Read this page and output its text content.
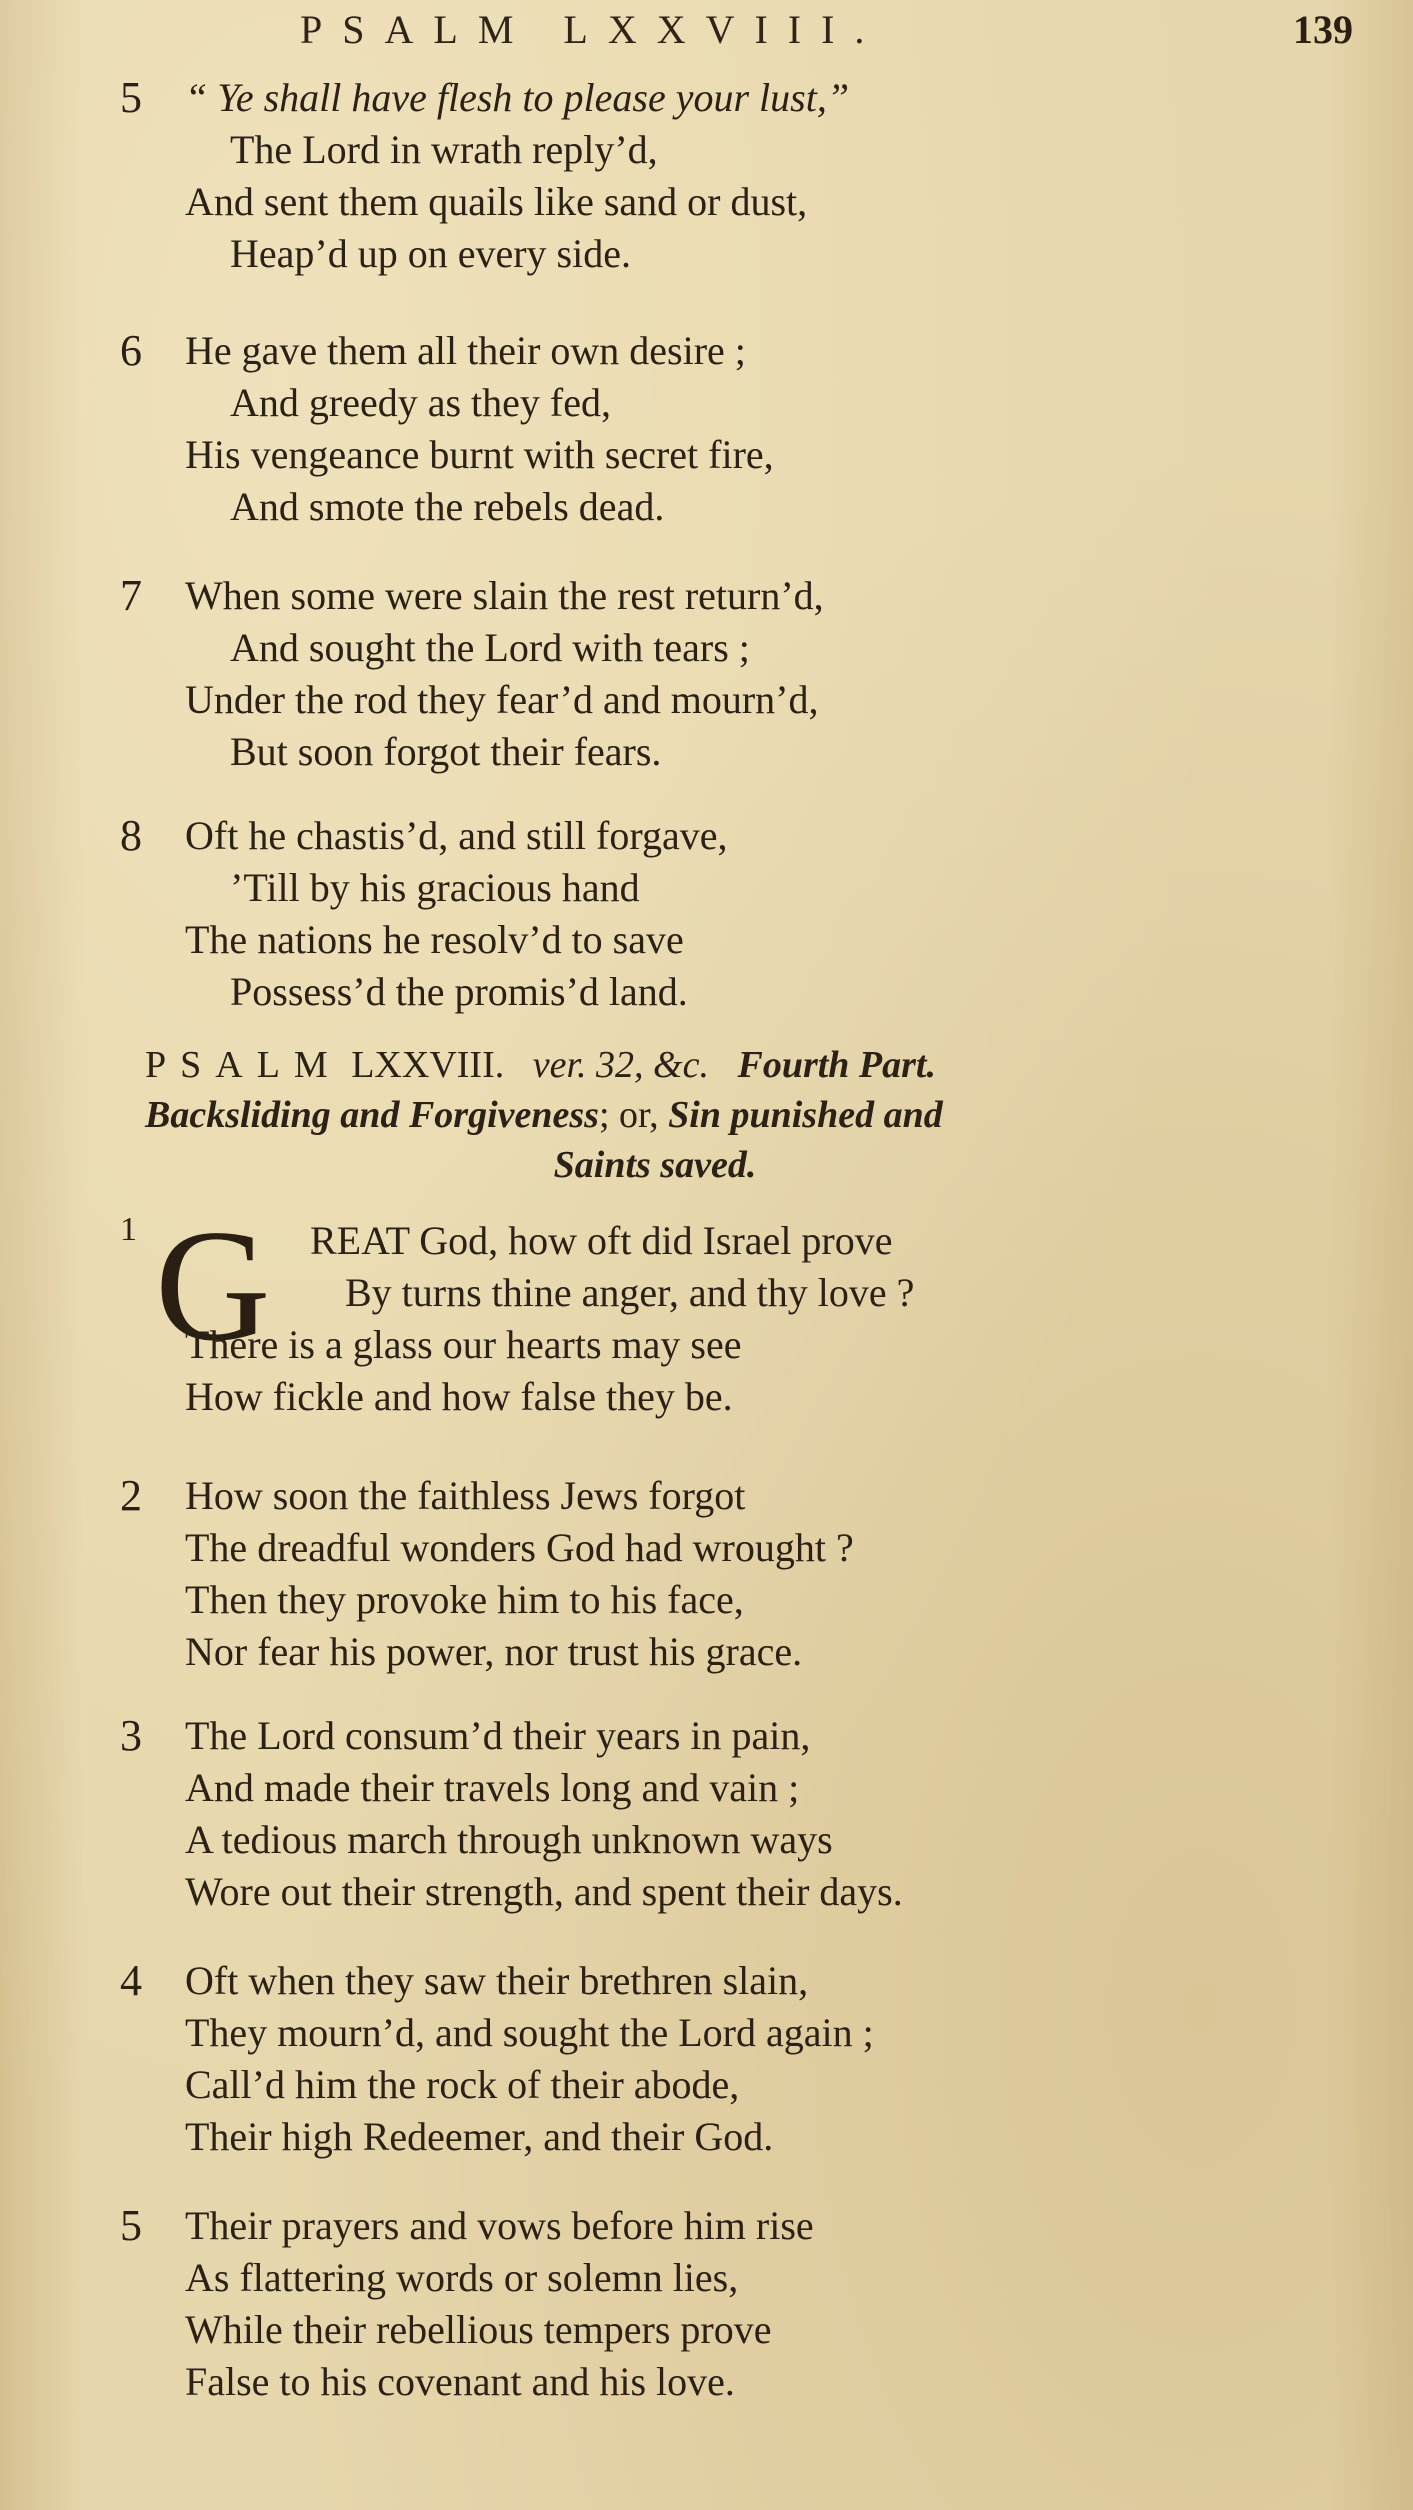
PSALM LXXVIII.	139
5	“ Ye shall have flesh to please your lust,”
The Lord in wrath reply’d,
And sent them quails like sand or dust,
Heap’d up on every side.
6	He gave them all their own desire ;
And greedy as they fed,
His vengeance burnt with secret fire,
And smote the rebels dead.
7	When some were slain the rest return’d,
And sought the Lord with tears ;
Under the rod they fear’d and mourn’d,
But soon forgot their fears.
8	Oft he chastis’d, and still forgave,
’Till by his gracious hand
The nations he resolv’d to save
Possess’d the promis’d land.
PSALM LXXVIII. ver. 32, &c. Fourth Part.
Backsliding and Forgiveness; or, Sin punished and
Saints saved.
G
1	REAT God, how oft did Israel prove
By turns thine anger, and thy love ?
There is a glass our hearts may see
How fickle and how false they be.
2	How soon the faithless Jews forgot
The dreadful wonders God had wrought ?
Then they provoke him to his face,
Nor fear his power, nor trust his grace.
3	The Lord consum’d their years in pain,
And made their travels long and vain ;
A tedious march through unknown ways
Wore out their strength, and spent their days.
4	Oft when they saw their brethren slain,
They mourn’d, and sought the Lord again ;
Call’d him the rock of their abode,
Their high Redeemer, and their God.
5	Their prayers and vows before him rise
As flattering words or solemn lies,
While their rebellious tempers prove
False to his covenant and his love.
